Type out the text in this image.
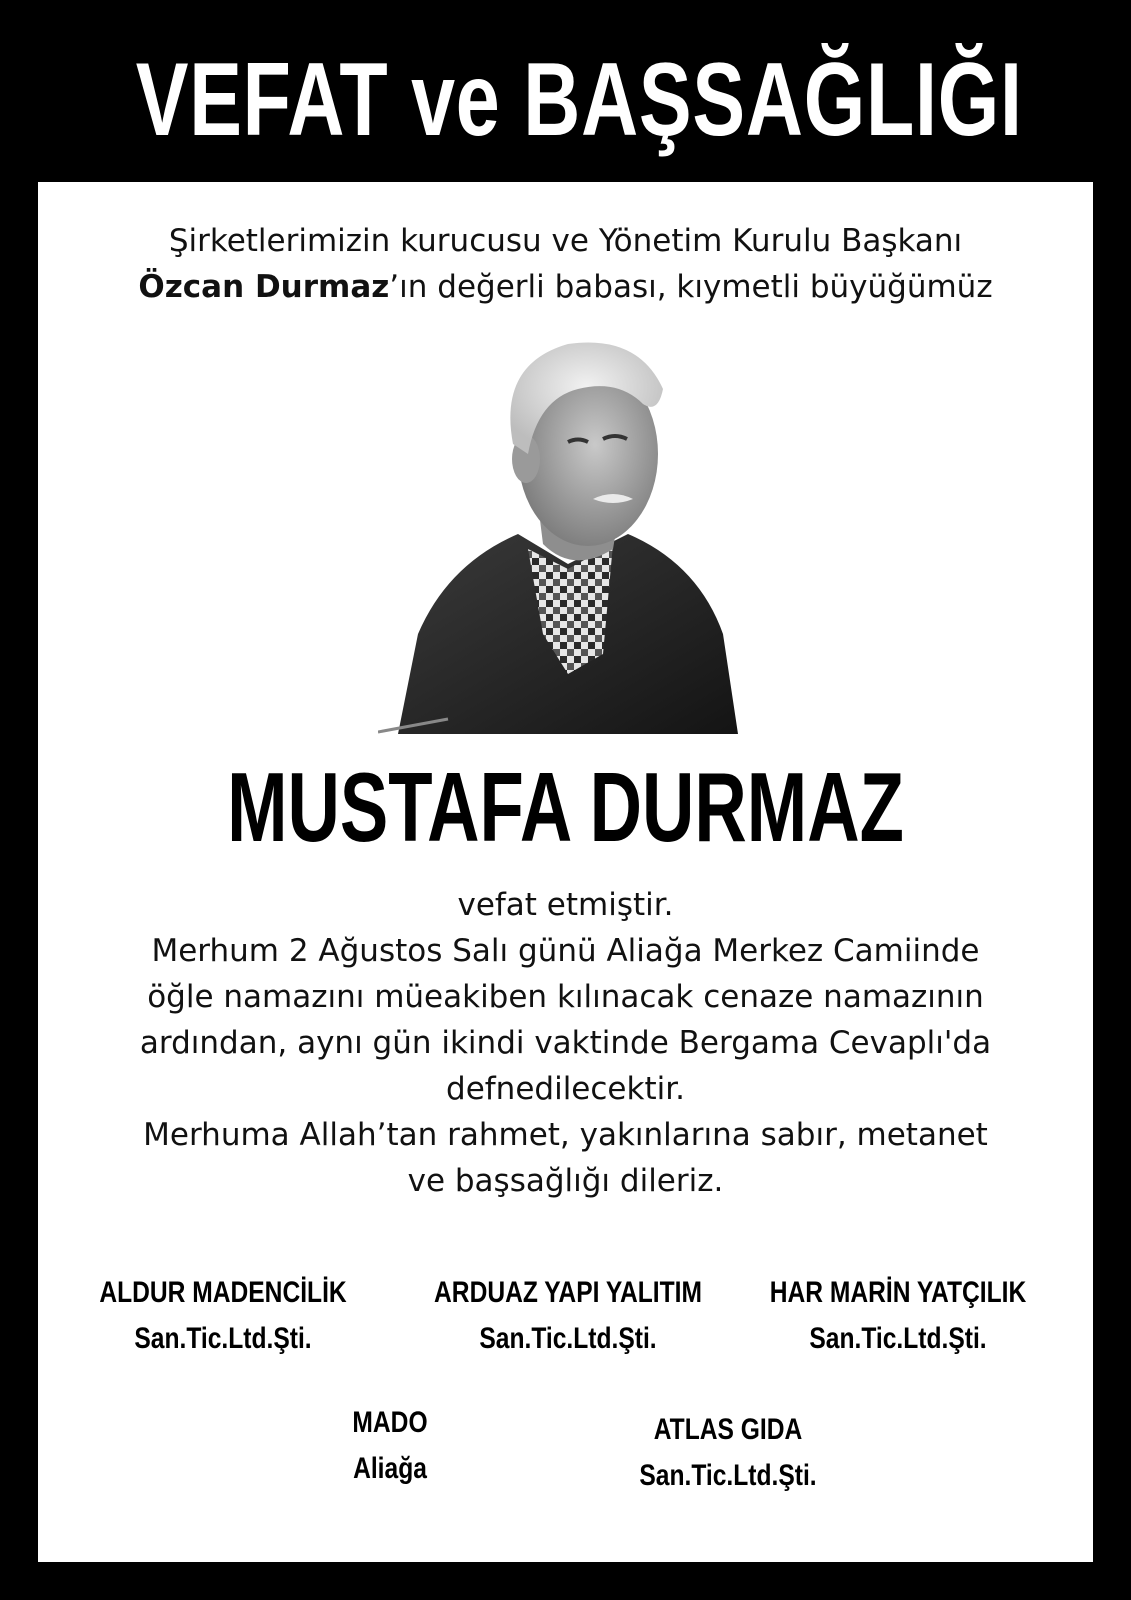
VEFAT ve BAŞSAĞLIĞI
Şirketlerimizin kurucusu ve Yönetim Kurulu Başkanı
Özcan Durmaz’ın değerli babası, kıymetli büyüğümüz
MUSTAFA DURMAZ
vefat etmiştir.
Merhum 2 Ağustos Salı günü Aliağa Merkez Camiinde
öğle namazını müeakiben kılınacak cenaze namazının
ardından, aynı gün ikindi vaktinde Bergama Cevaplı'da
defnedilecektir.
Merhuma Allah’tan rahmet, yakınlarına sabır, metanet
ve başsağlığı dileriz.
ALDUR MADENCİLİK
San.Tic.Ltd.Şti.
ARDUAZ YAPI YALITIM
San.Tic.Ltd.Şti.
HAR MARİN YATÇILIK
San.Tic.Ltd.Şti.
MADO
Aliağa
ATLAS GIDA
San.Tic.Ltd.Şti.
